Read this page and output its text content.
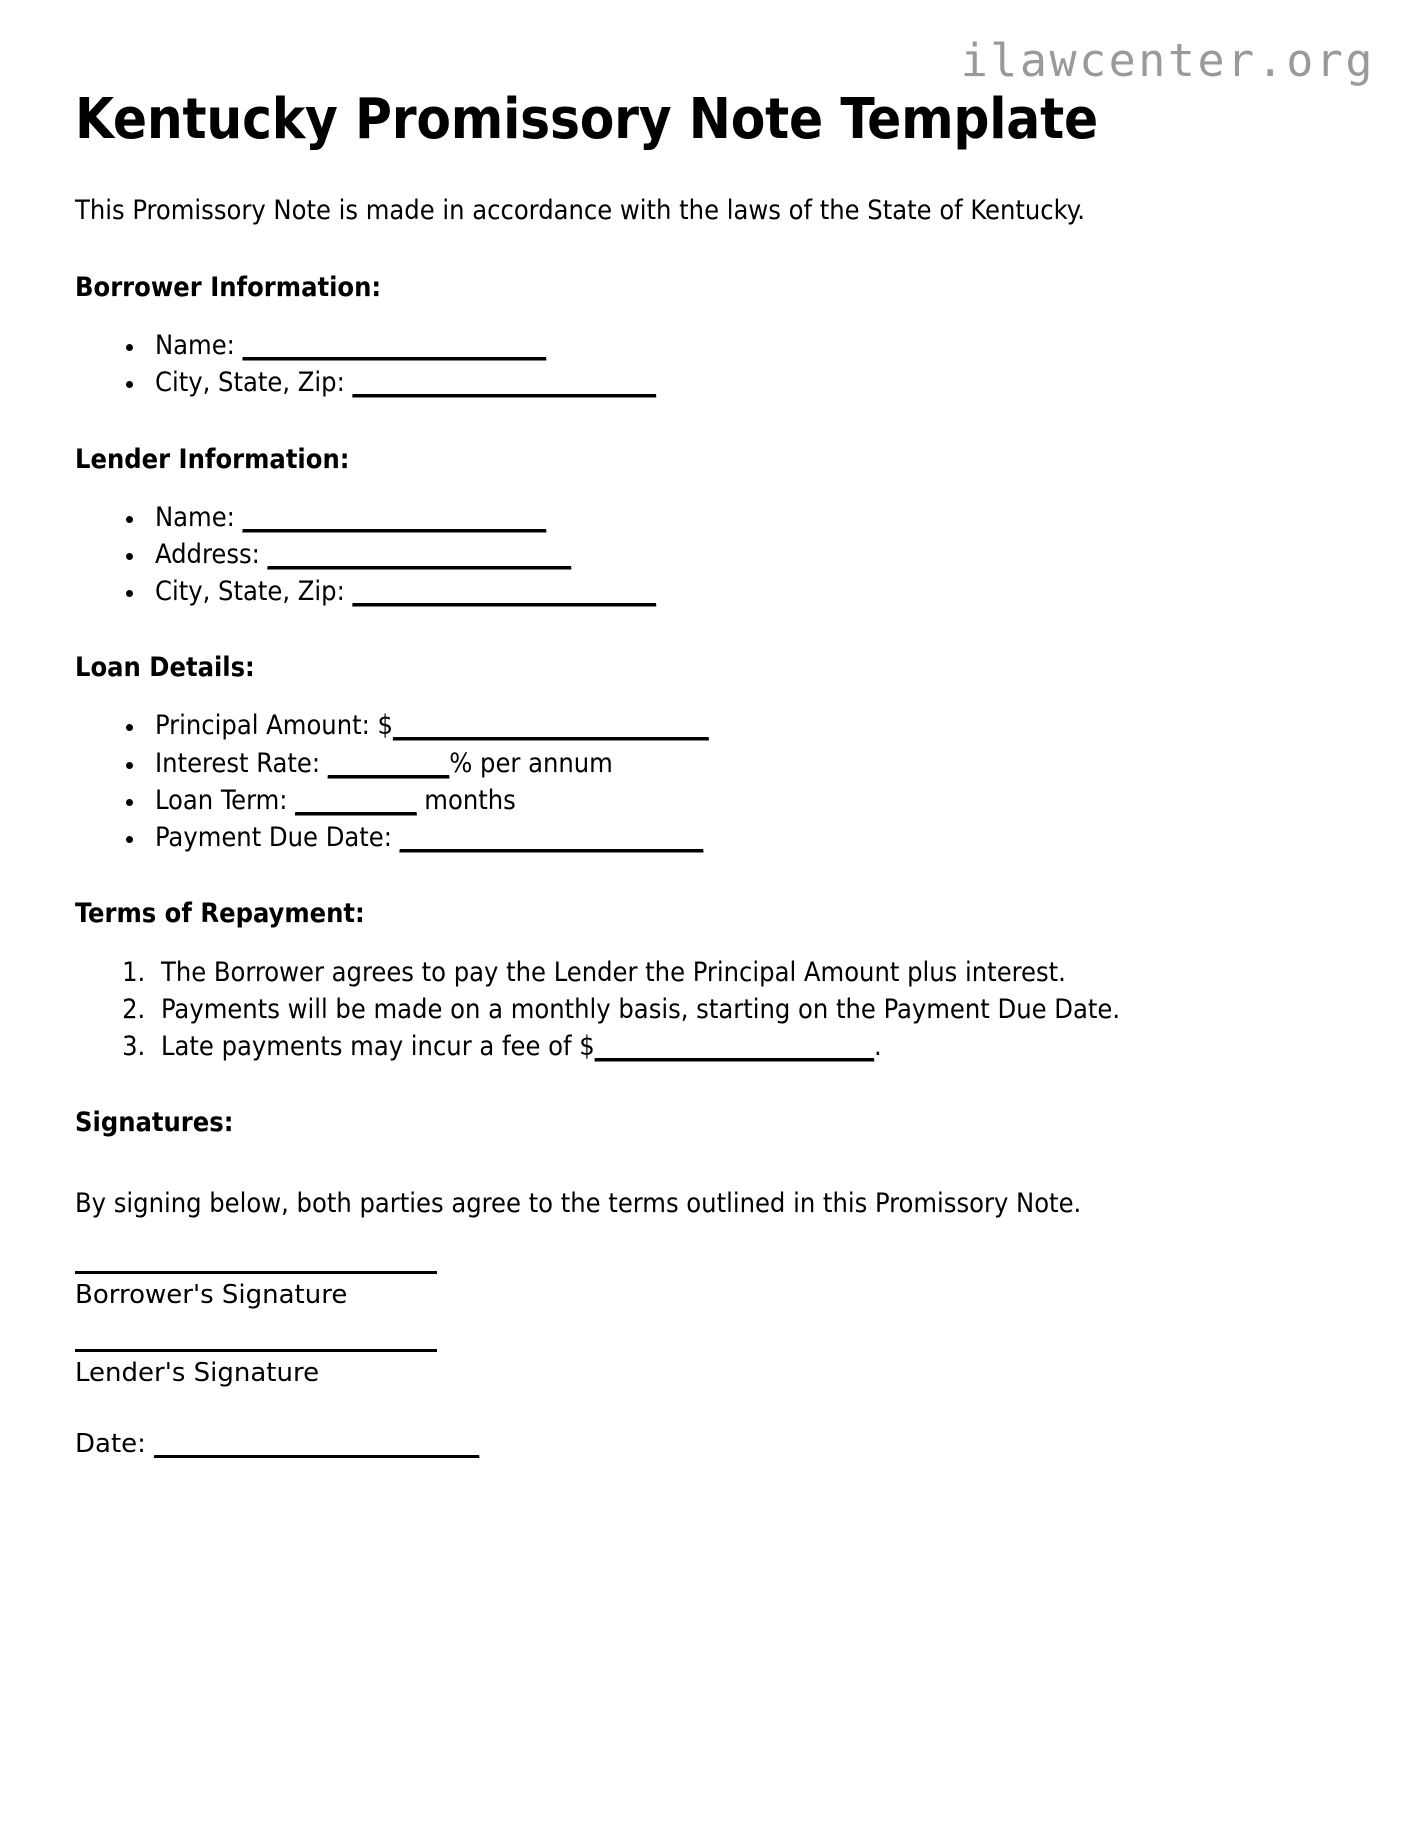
ilawcenter.org
Kentucky Promissory Note Template

This Promissory Note is made in accordance with the laws of the State of Kentucky.

Borrower Information:
• Name: _________________________
• City, State, Zip: _________________________
Lender Information:
• Name: _________________________
• Address: _________________________
• City, State, Zip: _________________________
Loan Details:
• Principal Amount: $__________________________
• Interest Rate: __________% per annum
• Loan Term: __________ months
• Payment Due Date: _________________________
Terms of Repayment:
1. The Borrower agrees to pay the Lender the Principal Amount plus interest.
2. Payments will be made on a monthly basis, starting on the Payment Due Date.
3. Late payments may incur a fee of $_______________________.
Signatures:

By signing below, both parties agree to the terms outlined in this Promissory Note.

Borrower's Signature

Lender's Signature

Date: _________________________
